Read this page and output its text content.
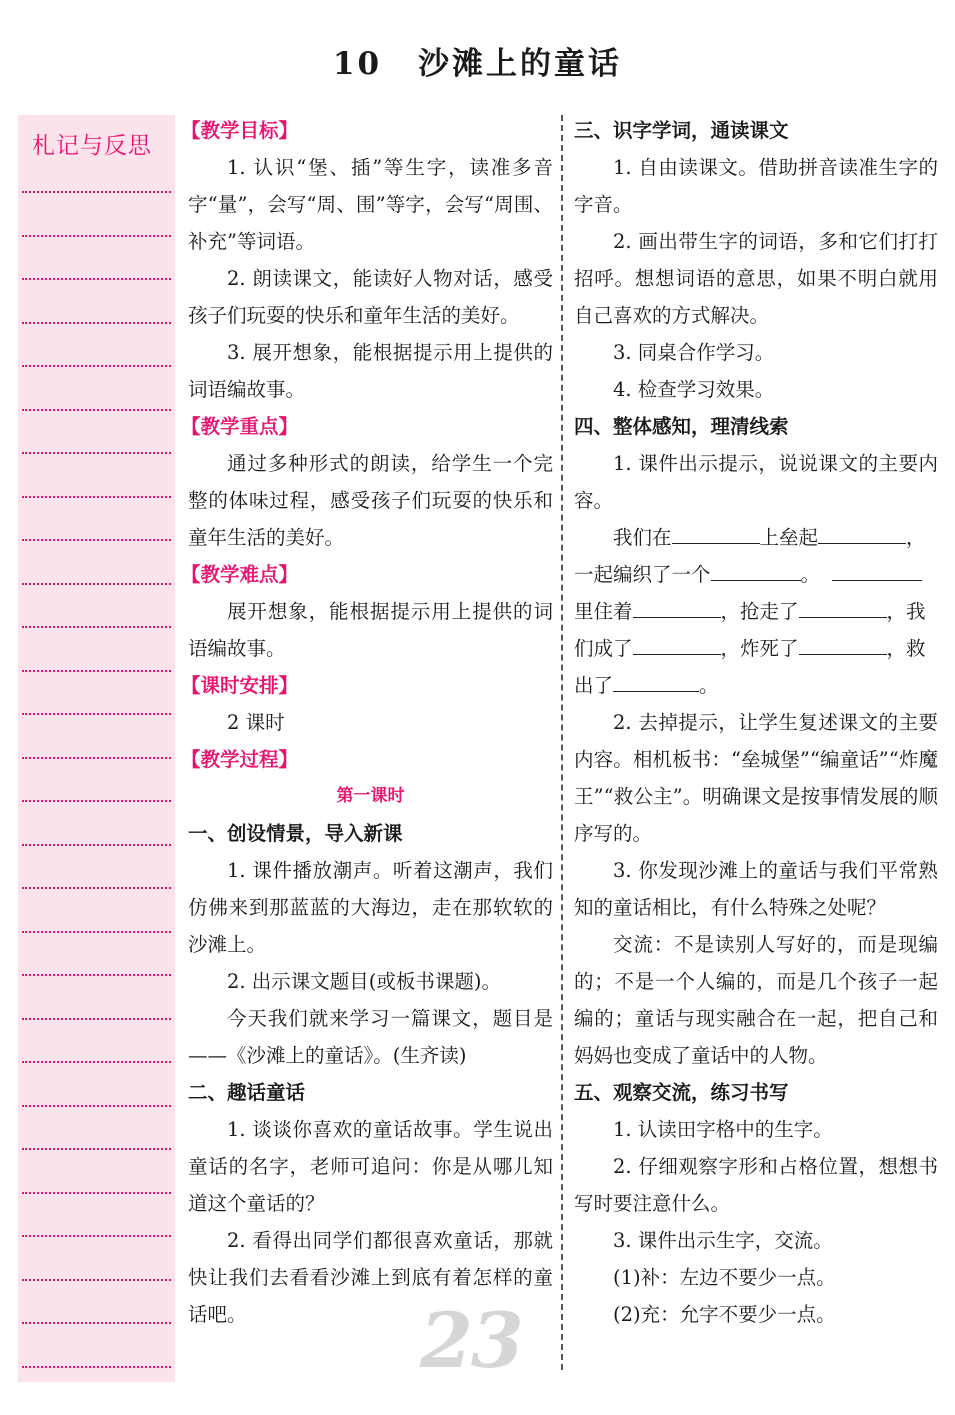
10 沙滩上的童话
札记与反思

【教学目标】

1. 认识“堡、插”等生字，读准多音字“量”，会写“周、围”等字，会写“周围、补充”等词语。

2. 朗读课文，能读好人物对话，感受孩子们玩耍的快乐和童年生活的美好。

3. 展开想象，能根据提示用上提供的词语编故事。

【教学重点】

通过多种形式的朗读，给学生一个完整的体味过程，感受孩子们玩耍的快乐和童年生活的美好。

【教学难点】

展开想象，能根据提示用上提供的词语编故事。

【课时安排】

2 课时

【教学过程】

第一课时

一、创设情景，导入新课

1. 课件播放潮声。听着这潮声，我们仿佛来到那蓝蓝的大海边，走在那软软的沙滩上。

2. 出示课文题目(或板书课题)。

今天我们就来学习一篇课文，题目是——《沙滩上的童话》。(生齐读)

二、趣话童话

1. 谈谈你喜欢的童话故事。学生说出童话的名字，老师可追问：你是从哪儿知道这个童话的？

2. 看得出同学们都很喜欢童话，那就快让我们去看看沙滩上到底有着怎样的童话吧。

三、识字学词，通读课文

1. 自由读课文。借助拼音读准生字的字音。

2. 画出带生字的词语，多和它们打打招呼。想想词语的意思，如果不明白就用自己喜欢的方式解决。

3. 同桌合作学习。

4. 检查学习效果。

四、整体感知，理清线索

1. 课件出示提示，说说课文的主要内容。

我们在	上垒起	，

一起编织了一个	。

里住着	，抢走了	，我

们成了	，炸死了	，救

出了	。

2. 去掉提示，让学生复述课文的主要内容。相机板书：“垒城堡”“编童话”“炸魔王”“救公主”。明确课文是按事情发展的顺序写的。

3. 你发现沙滩上的童话与我们平常熟知的童话相比，有什么特殊之处呢？

交流：不是读别人写好的，而是现编的；不是一个人编的，而是几个孩子一起编的；童话与现实融合在一起，把自己和妈妈也变成了童话中的人物。

五、观察交流，练习书写

1. 认读田字格中的生字。

2. 仔细观察字形和占格位置，想想书写时要注意什么。

3. 课件出示生字，交流。

(1)补：左边不要少一点。

(2)充：允字不要少一点。

23
